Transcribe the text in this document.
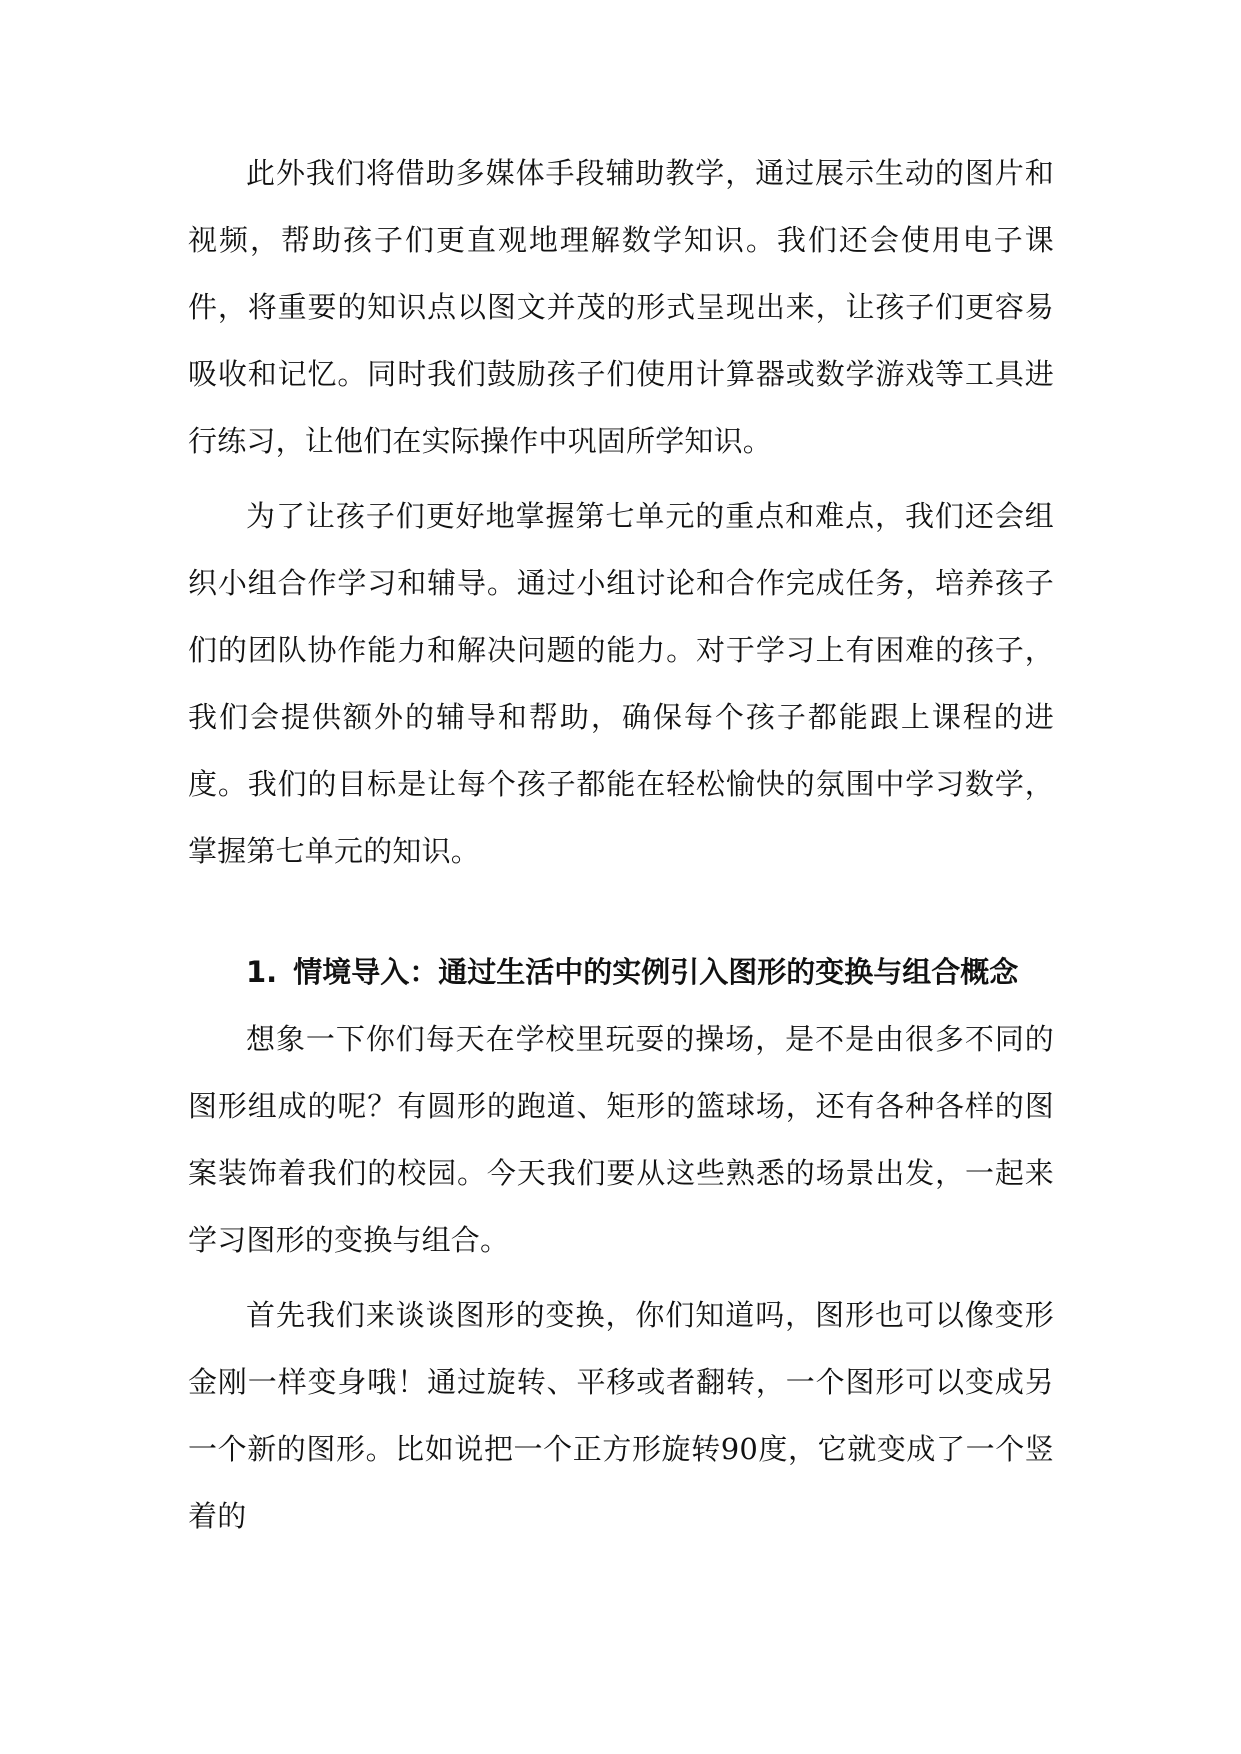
此外我们将借助多媒体手段辅助教学，通过展示生动的图片和视频，帮助孩子们更直观地理解数学知识。我们还会使用电子课件，将重要的知识点以图文并茂的形式呈现出来，让孩子们更容易吸收和记忆。同时我们鼓励孩子们使用计算器或数学游戏等工具进行练习，让他们在实际操作中巩固所学知识。

为了让孩子们更好地掌握第七单元的重点和难点，我们还会组织小组合作学习和辅导。通过小组讨论和合作完成任务，培养孩子们的团队协作能力和解决问题的能力。对于学习上有困难的孩子，我们会提供额外的辅导和帮助，确保每个孩子都能跟上课程的进度。我们的目标是让每个孩子都能在轻松愉快的氛围中学习数学，掌握第七单元的知识。

1. 情境导入：通过生活中的实例引入图形的变换与组合概念

想象一下你们每天在学校里玩耍的操场，是不是由很多不同的图形组成的呢？有圆形的跑道、矩形的篮球场，还有各种各样的图案装饰着我们的校园。今天我们要从这些熟悉的场景出发，一起来学习图形的变换与组合。

首先我们来谈谈图形的变换，你们知道吗，图形也可以像变形金刚一样变身哦！通过旋转、平移或者翻转，一个图形可以变成另一个新的图形。比如说把一个正方形旋转90度，它就变成了一个竖着的
